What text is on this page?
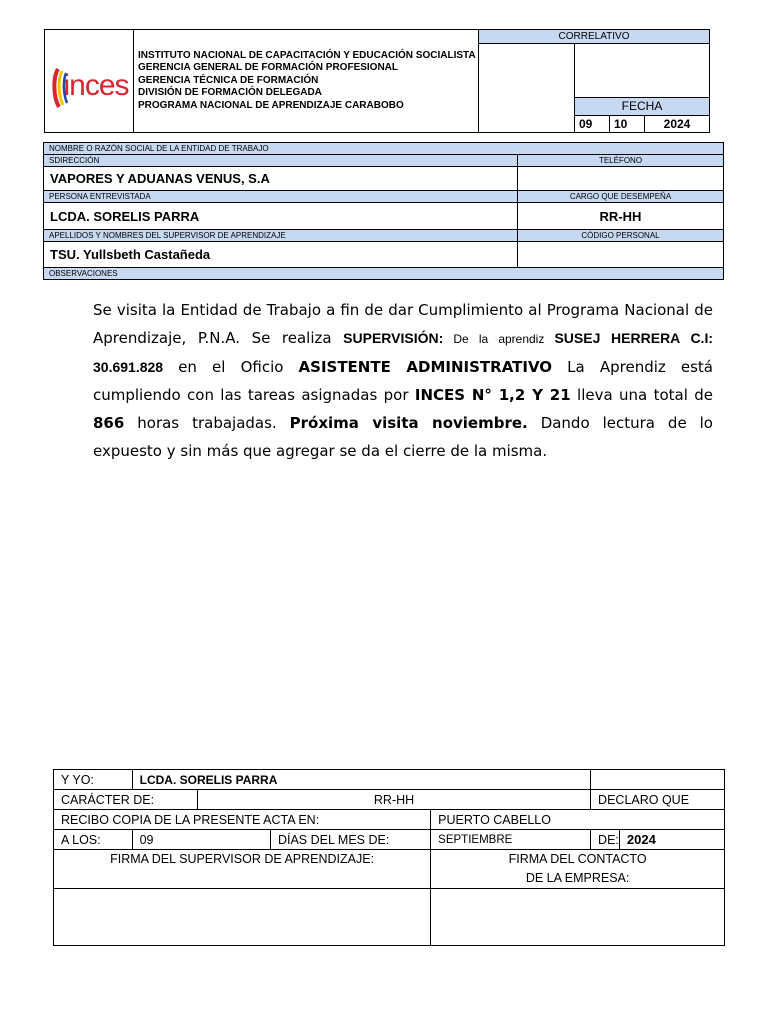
inces	INSTITUTO NACIONAL DE CAPACITACIÓN Y EDUCACIÓN SOCIALISTA
GERENCIA GENERAL DE FORMACIÓN PROFESIONAL
GERENCIA TÉCNICA DE FORMACIÓN
DIVISIÓN DE FORMACIÓN DELEGADA
PROGRAMA NACIONAL DE APRENDIZAJE CARABOBO	CORRELATIVO			

			FECHA		
			09	10	2024
NOMBRE O RAZÓN SOCIAL DE LA ENTIDAD DE TRABAJO	
SDIRECCIÓN	TELÉFONO
VAPORES Y ADUANAS VENUS, S.A	
PERSONA ENTREVISTADA	CARGO QUE DESEMPEÑA
LCDA. SORELIS PARRA	RR-HH
APELLIDOS Y NOMBRES DEL SUPERVISOR DE APRENDIZAJE	CÓDIGO PERSONAL
TSU. Yullsbeth Castañeda	
OBSERVACIONES	
Se visita la Entidad de Trabajo a fin de dar Cumplimiento al Programa Nacional de Aprendizaje, P.N.A. Se realiza SUPERVISIÓN: De la aprendiz SUSEJ HERRERA C.I: 30.691.828 en el Oficio ASISTENTE ADMINISTRATIVO La Aprendiz está cumpliendo con las tareas asignadas por INCES N° 1,2 Y 21 lleva una total de 866 horas trabajadas. Próxima visita noviembre. Dando lectura de lo expuesto y sin más que agregar se da el cierre de la misma.
Y YO:	LCDA. SORELIS PARRA					
CARÁCTER DE:		RR-HH			DECLARO QUE	
RECIBO COPIA DE LA PRESENTE ACTA EN:				PUERTO CABELLO		
A LOS:	09		DÍAS DEL MES DE:	SEPTIEMBRE	DE:	2024
FIRMA DEL SUPERVISOR DE APRENDIZAJE:				FIRMA DEL CONTACTO
DE LA EMPRESA:		
